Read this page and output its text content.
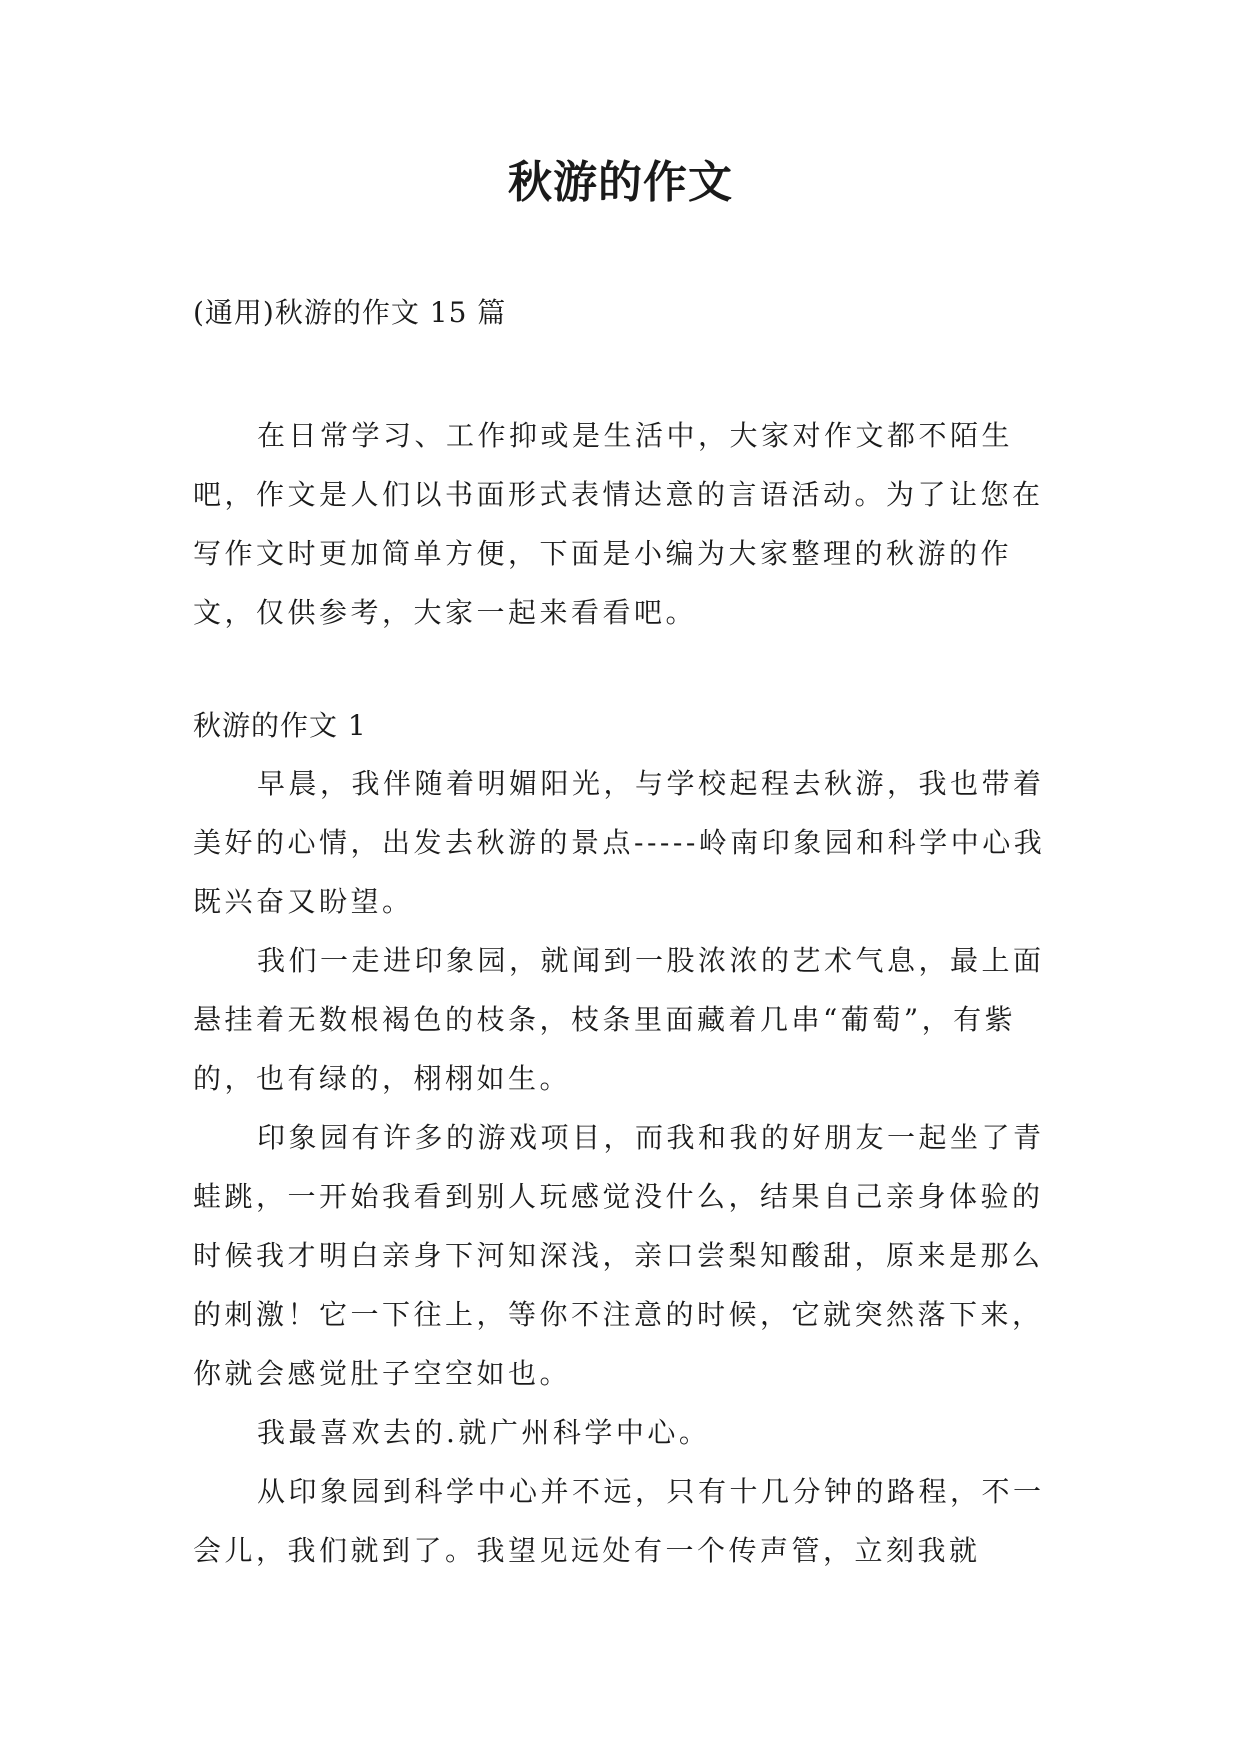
秋游的作文
(通用)秋游的作文 15 篇

在日常学习、工作抑或是生活中，大家对作文都不陌生吧，作文是人们以书面形式表情达意的言语活动。为了让您在写作文时更加简单方便，下面是小编为大家整理的秋游的作文，仅供参考，大家一起来看看吧。

秋游的作文 1

早晨，我伴随着明媚阳光，与学校起程去秋游，我也带着美好的心情，出发去秋游的景点-----岭南印象园和科学中心我既兴奋又盼望。

我们一走进印象园，就闻到一股浓浓的艺术气息，最上面悬挂着无数根褐色的枝条，枝条里面藏着几串“葡萄”，有紫的，也有绿的，栩栩如生。

印象园有许多的游戏项目，而我和我的好朋友一起坐了青蛙跳，一开始我看到别人玩感觉没什么，结果自己亲身体验的时候我才明白亲身下河知深浅，亲口尝梨知酸甜，原来是那么的刺激！它一下往上，等你不注意的时候，它就突然落下来，你就会感觉肚子空空如也。

我最喜欢去的.就广州科学中心。

从印象园到科学中心并不远，只有十几分钟的路程，不一会儿，我们就到了。我望见远处有一个传声管，立刻我就
